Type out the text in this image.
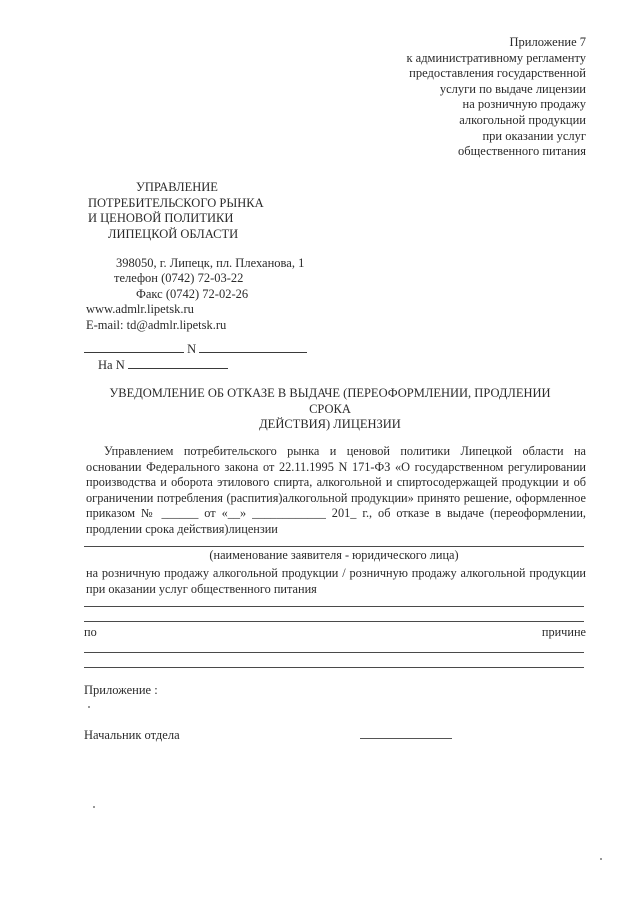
Приложение 7
к административному регламенту
предоставления государственной
услуги по выдаче лицензии
на розничную продажу
алкогольной продукции
при оказании услуг
общественного питания
УПРАВЛЕНИЕ
ПОТРЕБИТЕЛЬСКОГО РЫНКА
И ЦЕНОВОЙ ПОЛИТИКИ
ЛИПЕЦКОЙ ОБЛАСТИ
398050, г. Липецк, пл. Плеханова, 1
телефон (0742) 72-03-22
Факс (0742) 72-02-26
www.admlr.lipetsk.ru
E-mail: td@admlr.lipetsk.ru
N
На N
УВЕДОМЛЕНИЕ ОБ ОТКАЗЕ В ВЫДАЧЕ (ПЕРЕОФОРМЛЕНИИ, ПРОДЛЕНИИ
СРОКА
ДЕЙСТВИЯ) ЛИЦЕНЗИИ
Управлением потребительского рынка и ценовой политики Липецкой области на основании Федерального закона от 22.11.1995 N 171-ФЗ «О государственном регулировании производства и оборота этилового спирта, алкогольной и спиртосодержащей продукции и об ограничении потребления (распития)алкогольной продукции» принято решение, оформленное приказом № ______ от «__» ____________ 201_ г., об отказе в выдаче (переоформлении, продлении срока действия)лицензии
(наименование заявителя - юридического лица)
на розничную продажу алкогольной продукции / розничную продажу алкогольной продукции при оказании услуг общественного питания
по	причине
Приложение :
Начальник отдела
